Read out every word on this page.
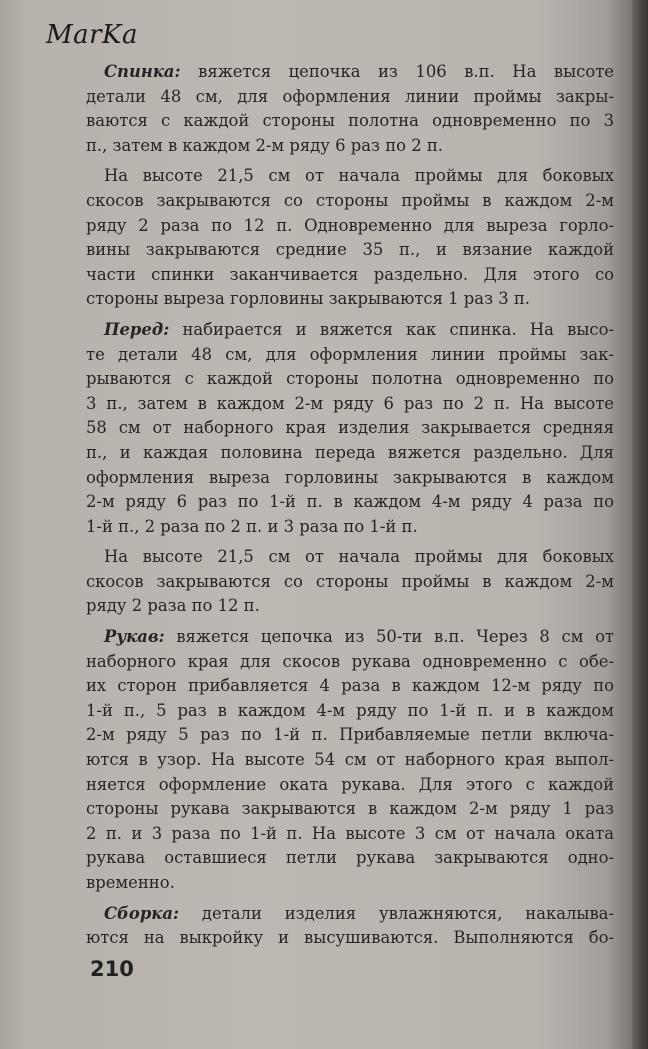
MarKa
Спинка: вяжется цепочка из 106 в.п. На высоте
детали 48 см, для оформления линии проймы закры-
ваются с каждой стороны полотна одновременно по 3
п., затем в каждом 2-м ряду 6 раз по 2 п.
На высоте 21,5 см от начала проймы для боковых
скосов закрываются со стороны проймы в каждом 2-м
ряду 2 раза по 12 п. Одновременно для выреза горло-
вины закрываются средние 35 п., и вязание каждой
части спинки заканчивается раздельно. Для этого со
стороны выреза горловины закрываются 1 раз 3 п.
Перед: набирается и вяжется как спинка. На высо-
те детали 48 см, для оформления линии проймы зак-
рываются с каждой стороны полотна одновременно по
3 п., затем в каждом 2-м ряду 6 раз по 2 п. На высоте
58 см от наборного края изделия закрывается средняя
п., и каждая половина переда вяжется раздельно. Для
оформления выреза горловины закрываются в каждом
2-м ряду 6 раз по 1-й п. в каждом 4-м ряду 4 раза по
1-й п., 2 раза по 2 п. и 3 раза по 1-й п.
На высоте 21,5 см от начала проймы для боковых
скосов закрываются со стороны проймы в каждом 2-м
ряду 2 раза по 12 п.
Рукав: вяжется цепочка из 50-ти в.п. Через 8 см от
наборного края для скосов рукава одновременно с обе-
их сторон прибавляется 4 раза в каждом 12-м ряду по
1-й п., 5 раз в каждом 4-м ряду по 1-й п. и в каждом
2-м ряду 5 раз по 1-й п. Прибавляемые петли включа-
ются в узор. На высоте 54 см от наборного края выпол-
няется оформление оката рукава. Для этого с каждой
стороны рукава закрываются в каждом 2-м ряду 1 раз
2 п. и 3 раза по 1-й п. На высоте 3 см от начала оката
рукава оставшиеся петли рукава закрываются одно-
временно.
Сборка: детали изделия увлажняются, накалыва-
ются на выкройку и высушиваются. Выполняются бо-
210
